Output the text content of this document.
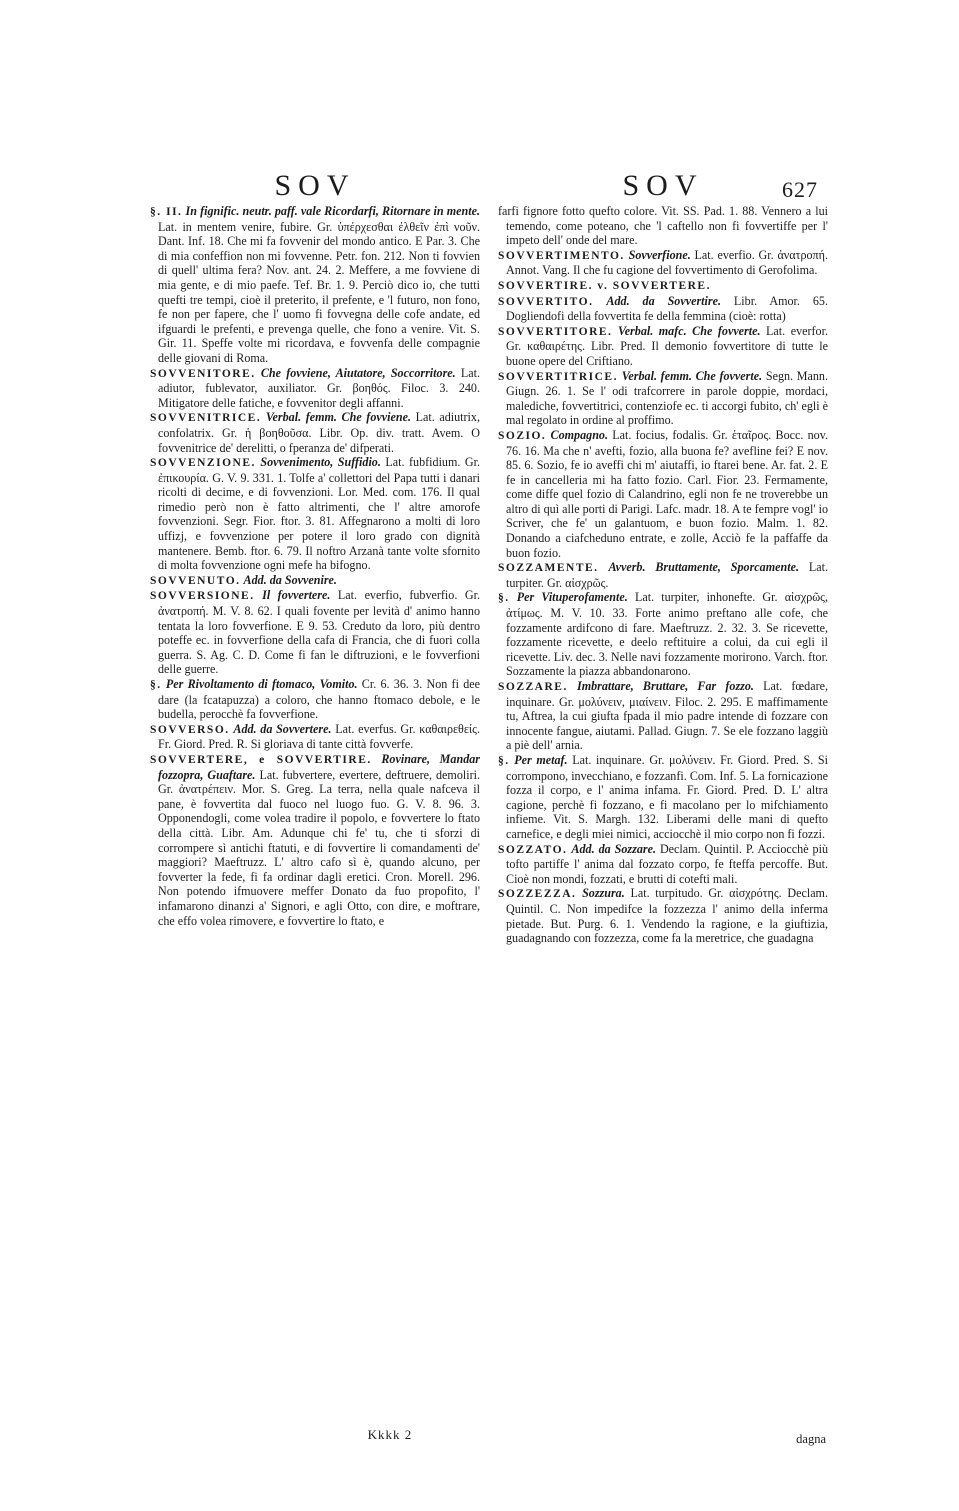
SOV

§. II. In fignific. neutr. paff. vale Ricordarfi, Ritornare in mente. Lat. in mentem venire, fubire. Gr. ὑπέρχεσθαι ἐλθεῖν ἐπὶ νοῦν. Dant. Inf. 18. Che mi fa fovvenir del mondo antico. E Par. 3. Che di mia confeffion non mi fovvenne. Petr. fon. 212. Non ti fovvien di quell' ultima fera? Nov. ant. 24. 2. Meffere, a me fovviene di mia gente, e di mio paefe. Tef. Br. 1. 9. Perciò dico io, che tutti quefti tre tempi, cioè il preterito, il prefente, e 'l futuro, non fono, fe non per fapere, che l' uomo fi fovvegna delle cofe andate, ed ifguardi le prefenti, e prevenga quelle, che fono a venire. Vit. S. Gir. 11. Speffe volte mi ricordava, e fovvenfa delle compagnie delle giovani di Roma.

SOVVENITORE. Che fovviene, Aiutatore, Soccorritore. Lat. adiutor, fublevator, auxiliator. Gr. βοηθός. Filoc. 3. 240. Mitigatore delle fatiche, e fovvenitor degli affanni.

SOVVENITRICE. Verbal. femm. Che fovviene. Lat. adiutrix, confolatrix. Gr. ἡ βοηθοῦσα. Libr. Op. div. tratt. Avem. O fovvenitrice de' derelitti, o fperanza de' difperati.

SOVVENZIONE. Sovvenimento, Suffidio. Lat. fubfidium. Gr. ἐπικουρία. G. V. 9. 331. 1. Tolfe a' collettori del Papa tutti i danari ricolti di decime, e di fovvenzioni. Lor. Med. com. 176. Il qual rimedio però non è fatto altrimenti, che l' altre amorofe fovvenzioni. Segr. Fior. ftor. 3. 81. Affegnarono a molti di loro uffizj, e fovvenzione per potere il loro grado con dignità mantenere. Bemb. ftor. 6. 79. Il noftro Arzanà tante volte sfornito di molta fovvenzione ogni mefe ha bifogno.

SOVVENUTO. Add. da Sovvenire.

SOVVERSIONE. Il fovvertere. Lat. everfio, fubverfio. Gr. ἀνατροπή. M. V. 8. 62. I quali fovente per levità d' animo hanno tentata la loro fovverfione. E 9. 53. Creduto da loro, più dentro poteffe ec. in fovverfione della cafa di Francia, che di fuori colla guerra. S. Ag. C. D. Come fi fan le diftruzioni, e le fovverfioni delle guerre.

§. Per Rivoltamento di ftomaco, Vomito. Cr. 6. 36. 3. Non fi dee dare (la fcatapuzza) a coloro, che hanno ftomaco debole, e le budella, perocchè fa fovverfione.

SOVVERSO. Add. da Sovvertere. Lat. everfus. Gr. καθαιρεθείς. Fr. Giord. Pred. R. Si gloriava di tante città fovverfe.

SOVVERTERE, e SOVVERTIRE. Rovinare, Mandar fozzopra, Guaftare. Lat. fubvertere, evertere, deftruere, demoliri. Gr. ἀνατρέπειν. Mor. S. Greg. La terra, nella quale nafceva il pane, è fovvertita dal fuoco nel luogo fuo. G. V. 8. 96. 3. Opponendogli, come volea tradire il popolo, e fovvertere lo ftato della città. Libr. Am. Adunque chi fe' tu, che ti sforzi di corrompere sì antichi ftatuti, e di fovvertire li comandamenti de' maggiori? Maeftruzz. L' altro cafo sì è, quando alcuno, per fovverter la fede, fi fa ordinar dagli eretici. Cron. Morell. 296. Non potendo ifmuovere meffer Donato da fuo propofito, l' infamarono dinanzi a' Signori, e agli Otto, con dire, e moftrare, che effo volea rimovere, e fovvertire lo ftato, e

SOV	627

farfi fignore fotto quefto colore. Vit. SS. Pad. 1. 88. Vennero a lui temendo, come poteano, che 'l caftello non fi fovvertiffe per l' impeto dell' onde del mare.

SOVVERTIMENTO. Sovverfione. Lat. everfio. Gr. ἀνατροπή. Annot. Vang. Il che fu cagione del fovvertimento di Gerofolima.

SOVVERTIRE. v. SOVVERTERE.

SOVVERTITO. Add. da Sovvertire. Libr. Amor. 65. Dogliendofi della fovvertita fe della femmina (cioè: rotta)

SOVVERTITORE. Verbal. mafc. Che fovverte. Lat. everfor. Gr. καθαιρέτης. Libr. Pred. Il demonio fovvertitore di tutte le buone opere del Criftiano.

SOVVERTITRICE. Verbal. femm. Che fovverte. Segn. Mann. Giugn. 26. 1. Se l' odi trafcorrere in parole doppie, mordaci, malediche, fovvertitrici, contenziofe ec. ti accorgi fubito, ch' egli è mal regolato in ordine al proffimo.

SOZIO. Compagno. Lat. focius, fodalis. Gr. ἑταῖρος. Bocc. nov. 76. 16. Ma che n' avefti, fozio, alla buona fe? avefline fei? E nov. 85. 6. Sozio, fe io aveffi chi m' aiutaffi, io ftarei bene. Ar. fat. 2. E fe in cancelleria mi ha fatto fozio. Carl. Fior. 23. Fermamente, come diffe quel fozio di Calandrino, egli non fe ne troverebbe un altro di quì alle porti di Parigi. Lafc. madr. 18. A te fempre vogl' io Scriver, che fe' un galantuom, e buon fozio. Malm. 1. 82. Donando a ciafcheduno entrate, e zolle, Acciò fe la paffaffe da buon fozio.

SOZZAMENTE. Avverb. Bruttamente, Sporcamente. Lat. turpiter. Gr. αἰσχρῶς.

§. Per Vituperofamente. Lat. turpiter, inhonefte. Gr. αἰσχρῶς, ἀτίμως. M. V. 10. 33. Forte animo preftano alle cofe, che fozzamente ardifcono di fare. Maeftruzz. 2. 32. 3. Se ricevette, fozzamente ricevette, e deelo reftituire a colui, da cui egli il ricevette. Liv. dec. 3. Nelle navi fozzamente morirono. Varch. ftor. Sozzamente la piazza abbandonarono.

SOZZARE. Imbrattare, Bruttare, Far fozzo. Lat. fœdare, inquinare. Gr. μολύνειν, μιαίνειν. Filoc. 2. 295. E maffimamente tu, Aftrea, la cui giufta fpada il mio padre intende di fozzare con innocente fangue, aiutami. Pallad. Giugn. 7. Se ele fozzano laggiù a piè dell' arnia.

§. Per metaf. Lat. inquinare. Gr. μολύνειν. Fr. Giord. Pred. S. Si corrompono, invecchiano, e fozzanfi. Com. Inf. 5. La fornicazione fozza il corpo, e l' anima infama. Fr. Giord. Pred. D. L' altra cagione, perchè fi fozzano, e fi macolano per lo mifchiamento infieme. Vit. S. Margh. 132. Liberami delle mani di quefto carnefice, e degli miei nimici, acciocchè il mio corpo non fi fozzi.

SOZZATO. Add. da Sozzare. Declam. Quintil. P. Acciocchè più tofto partiffe l' anima dal fozzato corpo, fe fteffa percoffe. But. Cioè non mondi, fozzati, e brutti di cotefti mali.

SOZZEZZA. Sozzura. Lat. turpitudo. Gr. αἰσχρότης. Declam. Quintil. C. Non impedifce la fozzezza l' animo della inferma pietade. But. Purg. 6. 1. Vendendo la ragione, e la giuftizia, guadagnando con fozzezza, come fa la meretrice, che guadagna

Kkkk 2	dagna
